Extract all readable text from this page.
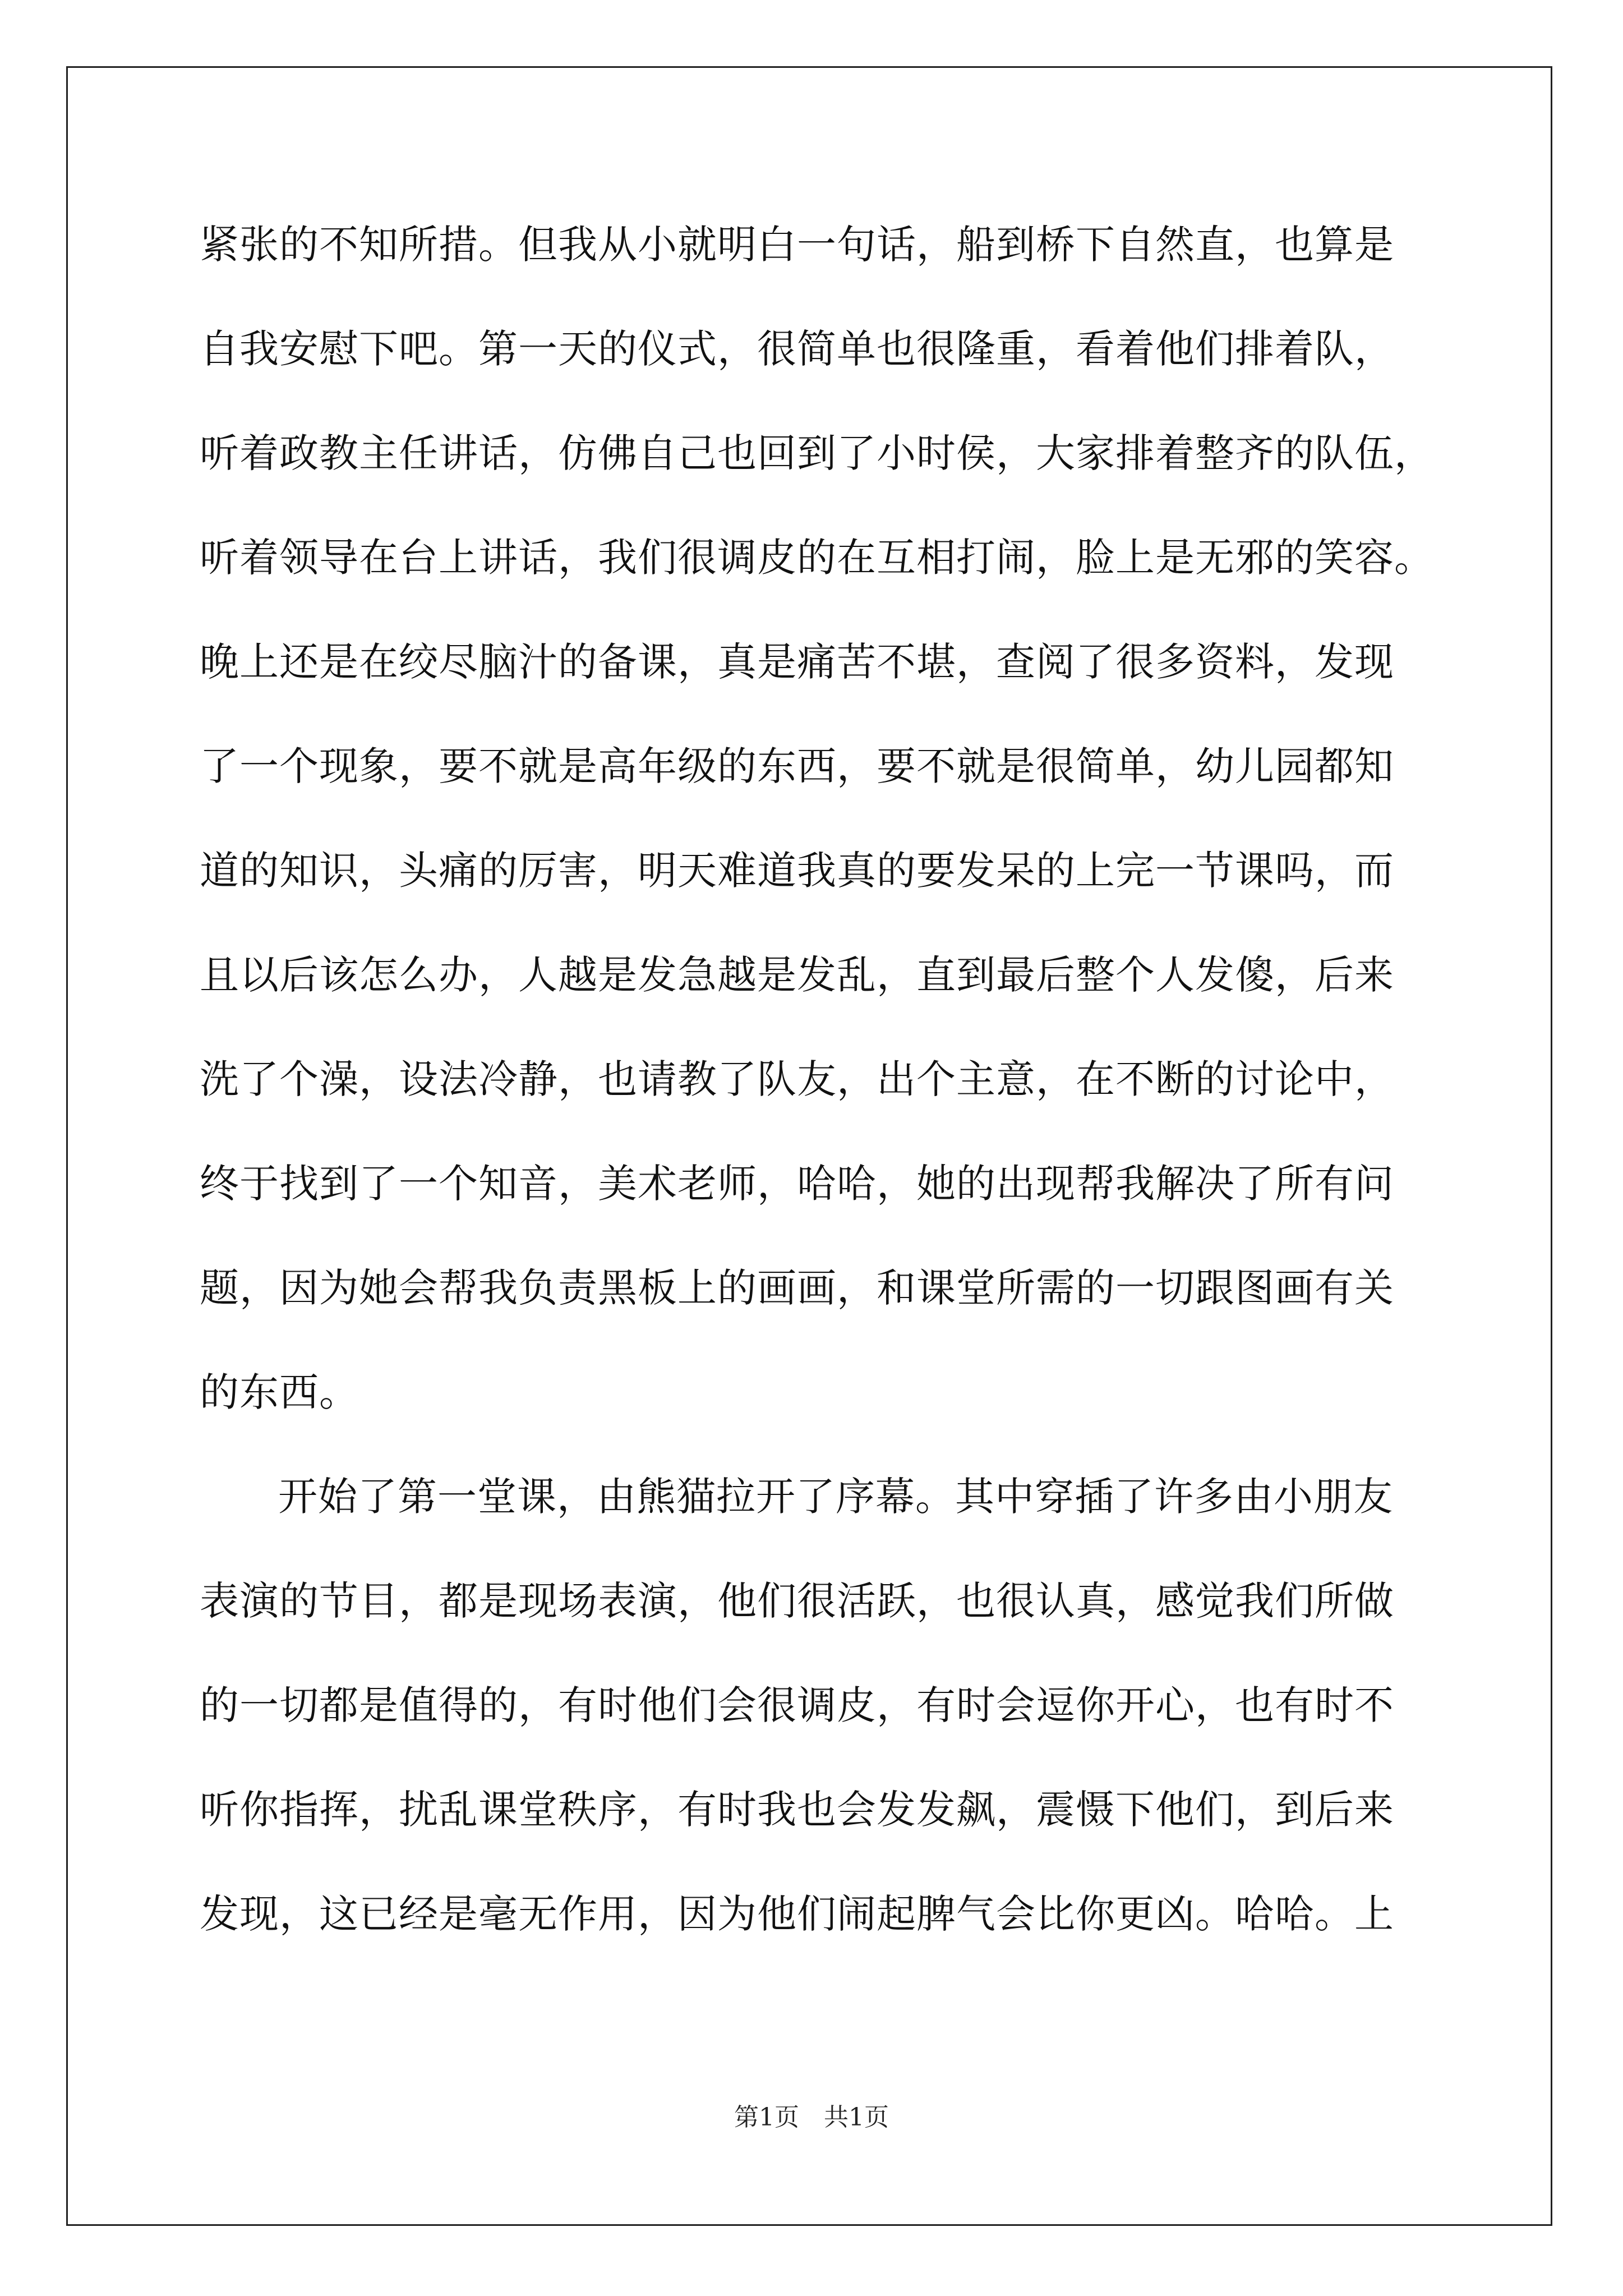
紧张的不知所措。但我从小就明白一句话，船到桥下自然直，也算是
自我安慰下吧。第一天的仪式，很简单也很隆重，看着他们排着队，
听着政教主任讲话，仿佛自己也回到了小时侯，大家排着整齐的队伍，
听着领导在台上讲话，我们很调皮的在互相打闹，脸上是无邪的笑容。
晚上还是在绞尽脑汁的备课，真是痛苦不堪，查阅了很多资料，发现
了一个现象，要不就是高年级的东西，要不就是很简单，幼儿园都知
道的知识，头痛的厉害，明天难道我真的要发呆的上完一节课吗，而
且以后该怎么办，人越是发急越是发乱，直到最后整个人发傻，后来
洗了个澡，设法冷静，也请教了队友，出个主意，在不断的讨论中，
终于找到了一个知音，美术老师，哈哈，她的出现帮我解决了所有问
题，因为她会帮我负责黑板上的画画，和课堂所需的一切跟图画有关
的东西。
开始了第一堂课，由熊猫拉开了序幕。其中穿插了许多由小朋友
表演的节目，都是现场表演，他们很活跃，也很认真，感觉我们所做
的一切都是值得的，有时他们会很调皮，有时会逗你开心，也有时不
听你指挥，扰乱课堂秩序，有时我也会发发飙，震慑下他们，到后来
发现，这已经是毫无作用，因为他们闹起脾气会比你更凶。哈哈。上
第1页　共1页
